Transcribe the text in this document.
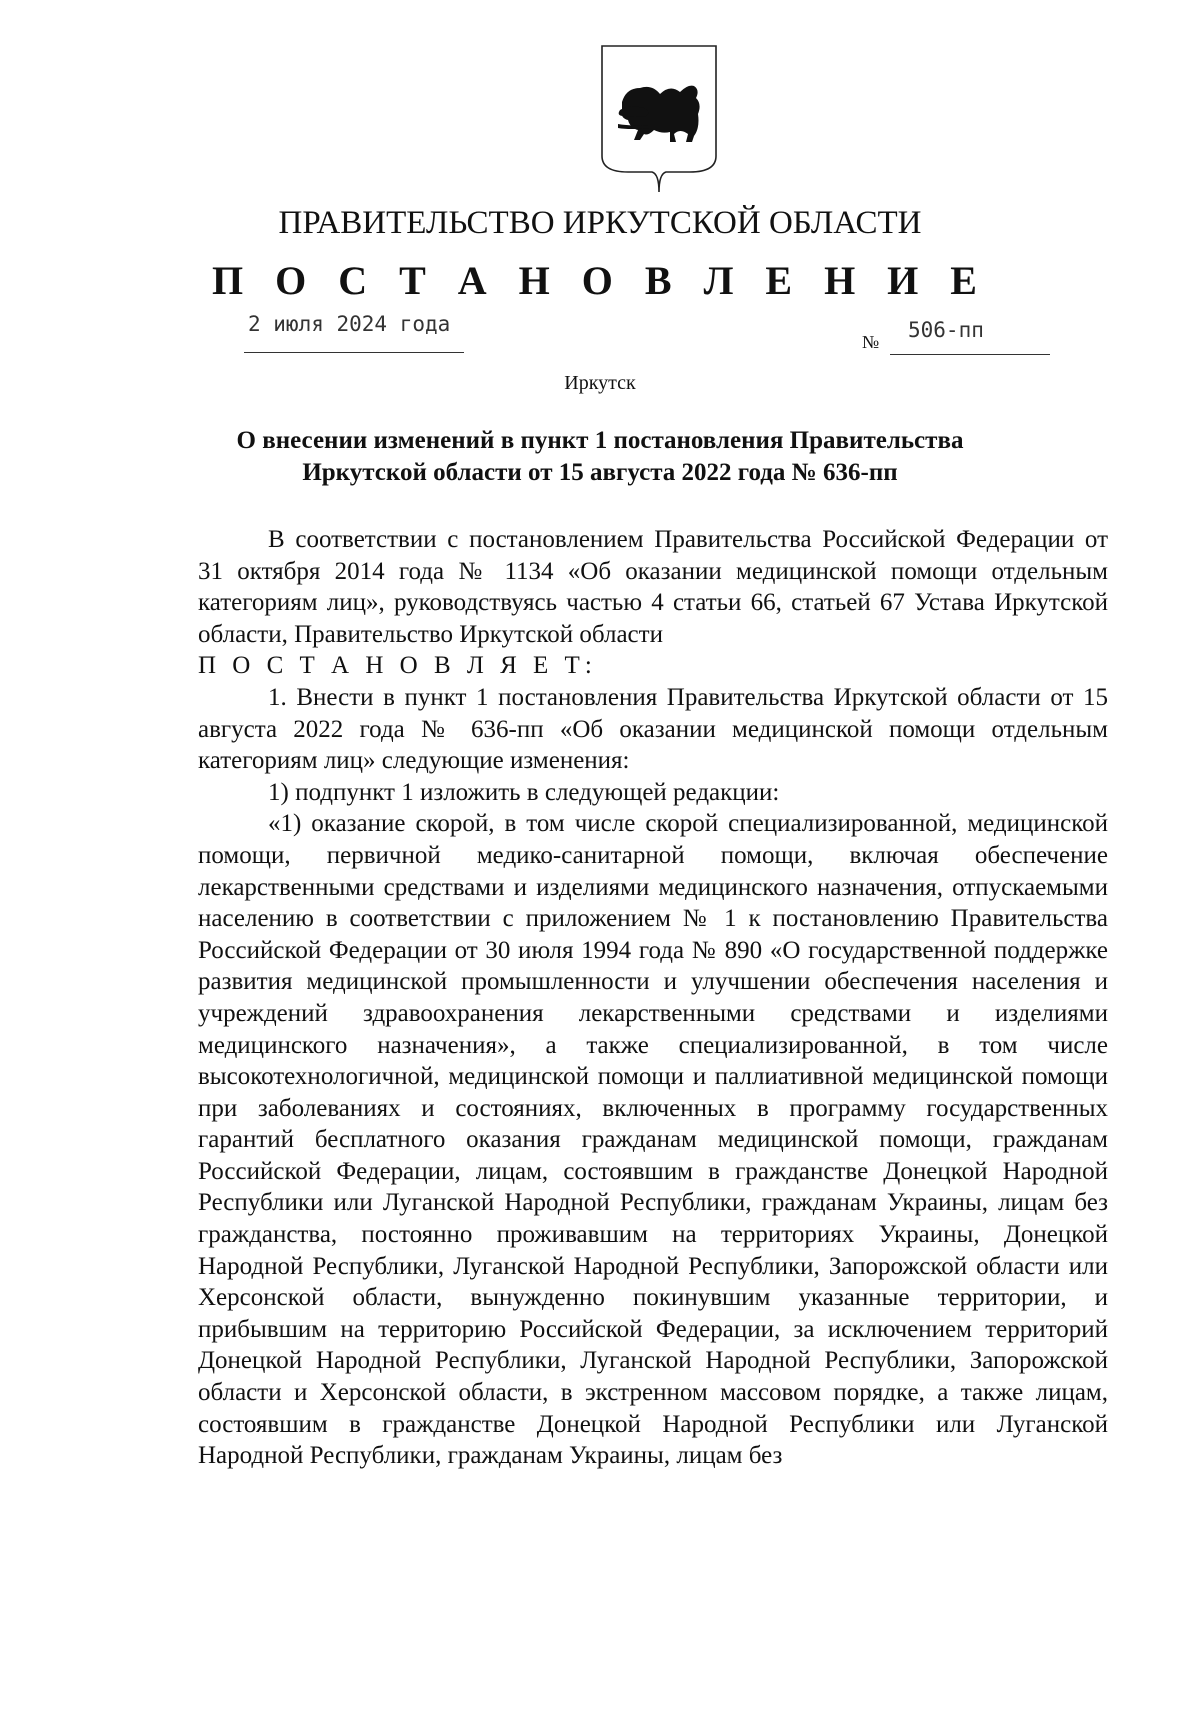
ПРАВИТЕЛЬСТВО ИРКУТСКОЙ ОБЛАСТИ
П О С Т А Н О В Л Е Н И Е
2 июля 2024 года
№ 506-пп
Иркутск
О внесении изменений в пункт 1 постановления Правительства
Иркутской области от 15 августа 2022 года № 636-пп

В соответствии с постановлением Правительства Российской Федерации от 31 октября 2014 года № 1134 «Об оказании медицинской помощи отдельным категориям лиц», руководствуясь частью 4 статьи 66, статьей 67 Устава Иркутской области, Правительство Иркутской области

П О С Т А Н О В Л Я Е Т:

1. Внести в пункт 1 постановления Правительства Иркутской области от 15 августа 2022 года № 636-пп «Об оказании медицинской помощи отдельным категориям лиц» следующие изменения:

1) подпункт 1 изложить в следующей редакции:

«1) оказание скорой, в том числе скорой специализированной, медицинской помощи, первичной медико-санитарной помощи, включая обеспечение лекарственными средствами и изделиями медицинского назначения, отпускаемыми населению в соответствии с приложением № 1 к постановлению Правительства Российской Федерации от 30 июля 1994 года № 890 «О государственной поддержке развития медицинской промышленности и улучшении обеспечения населения и учреждений здравоохранения лекарственными средствами и изделиями медицинского назначения», а также специализированной, в том числе высокотехнологичной, медицинской помощи и паллиативной медицинской помощи при заболеваниях и состояниях, включенных в программу государственных гарантий бесплатного оказания гражданам медицинской помощи, гражданам Российской Федерации, лицам, состоявшим в гражданстве Донецкой Народной Республики или Луганской Народной Республики, гражданам Украины, лицам без гражданства, постоянно проживавшим на территориях Украины, Донецкой Народной Республики, Луганской Народной Республики, Запорожской области или Херсонской области, вынужденно покинувшим указанные территории, и прибывшим на территорию Российской Федерации, за исключением территорий Донецкой Народной Республики, Луганской Народной Республики, Запорожской области и Херсонской области, в экстренном массовом порядке, а также лицам, состоявшим в гражданстве Донецкой Народной Республики или Луганской Народной Республики, гражданам Украины, лицам без
